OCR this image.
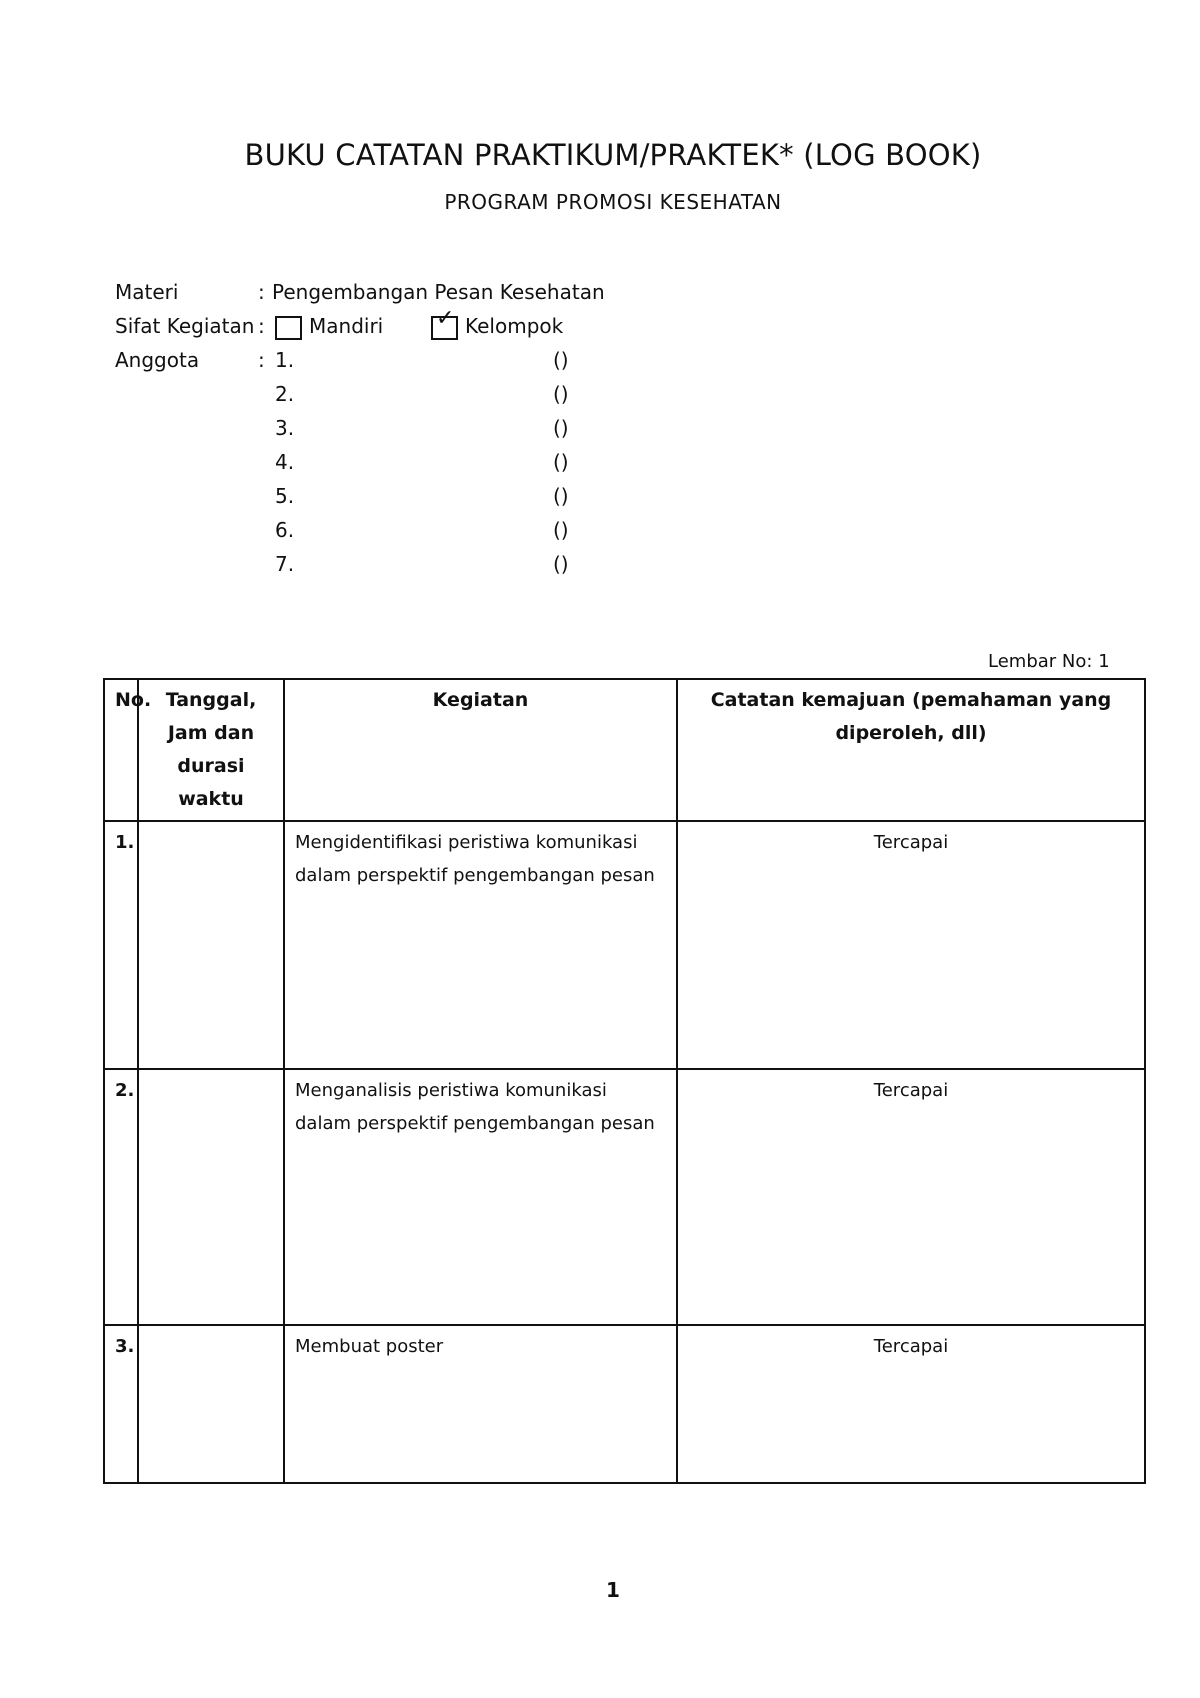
BUKU CATATAN PRAKTIKUM/PRAKTEK* (LOG BOOK)
PROGRAM PROMOSI KESEHATAN
Materi	: Pengembangan Pesan Kesehatan
Sifat Kegiatan : Mandiri ✓ Kelompok
Anggota	: 1.	()
2.	()
3.	()
4.	()
5.	()
6.	()
7.	()
Lembar No: 1
No.	Tanggal, Jam dan durasi waktu	Kegiatan	Catatan kemajuan (pemahaman yang diperoleh, dll)
1.		Mengidentifikasi peristiwa komunikasi dalam perspektif pengembangan pesan	Tercapai
2.		Menganalisis peristiwa komunikasi dalam perspektif pengembangan pesan	Tercapai
3.		Membuat poster	Tercapai
1
